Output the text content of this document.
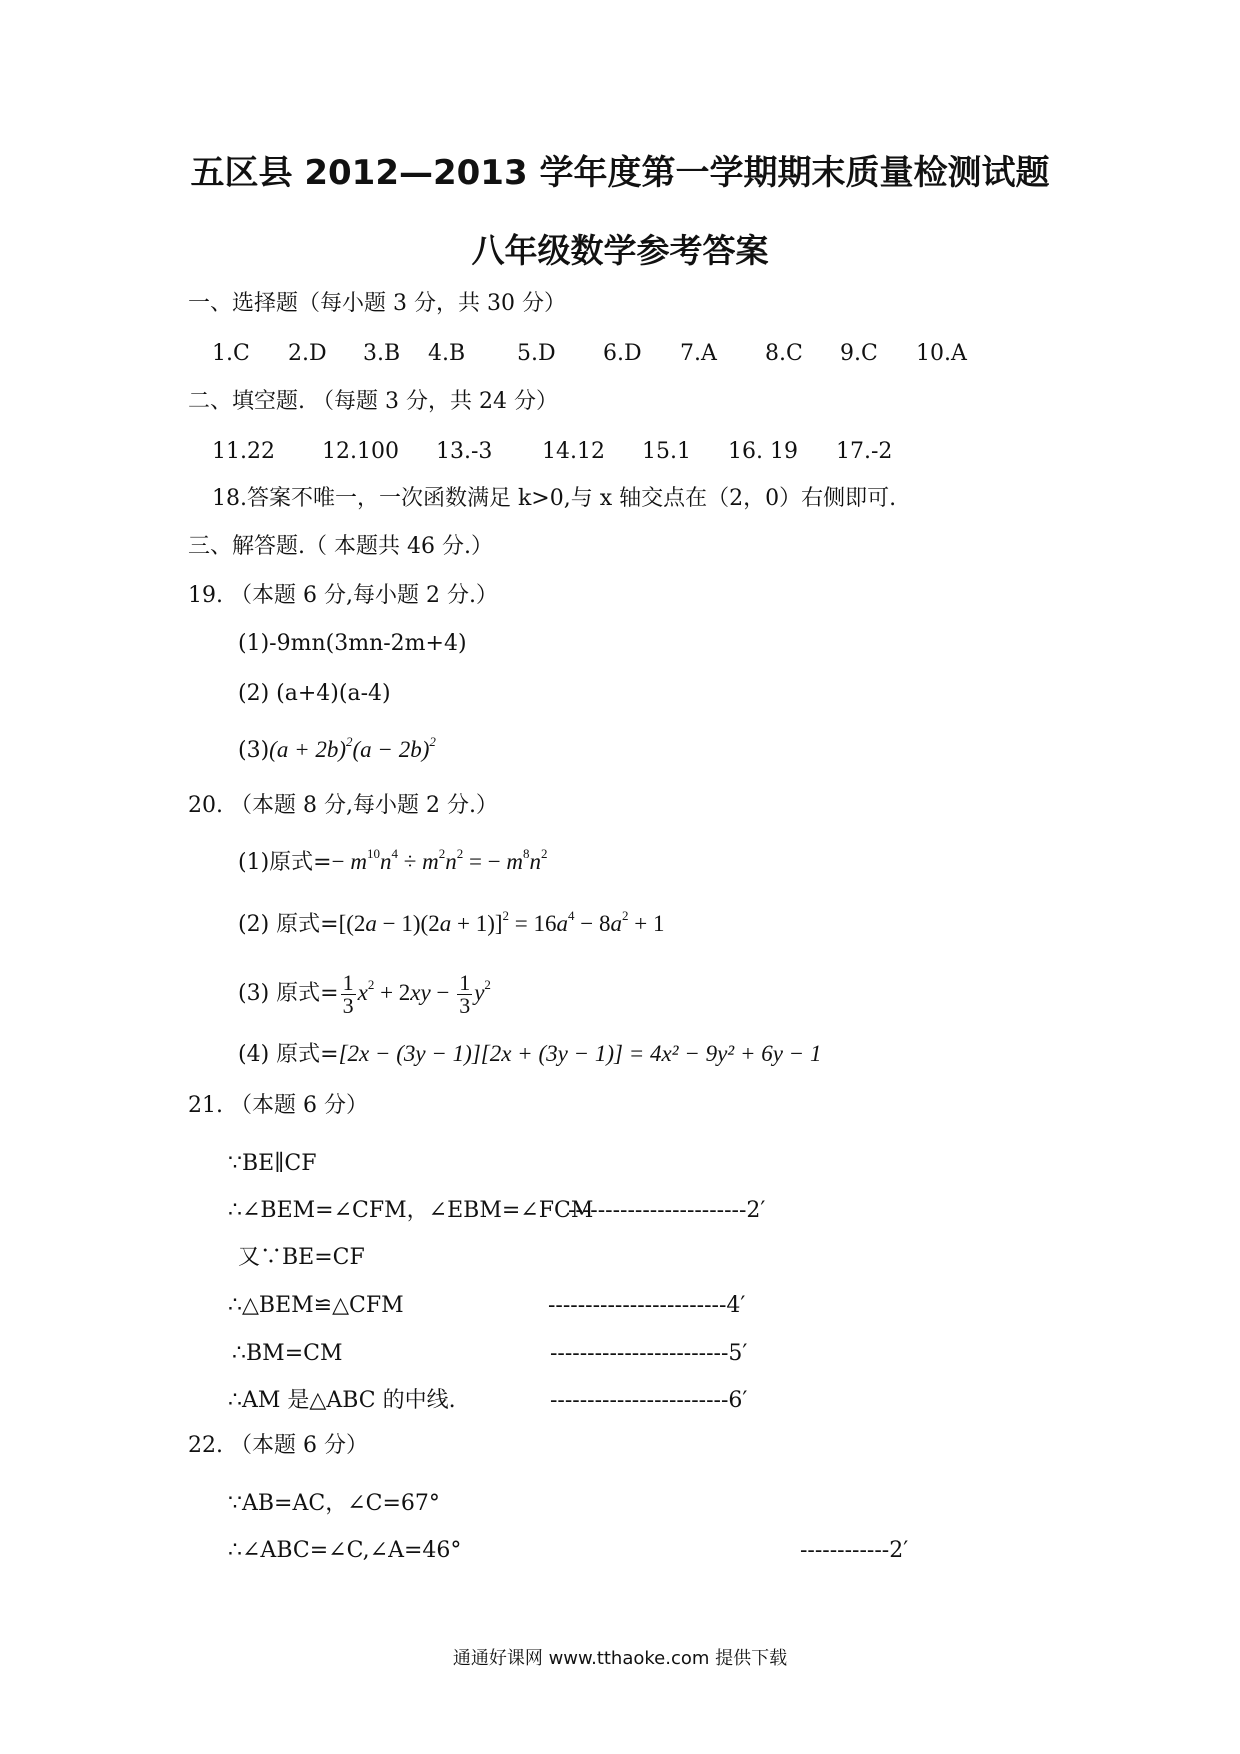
五区县 2012—2013 学年度第一学期期末质量检测试题
八年级数学参考答案
一、选择题（每小题 3 分，共 30 分）
1.C 2.D 3.B 4.B 5.D 6.D 7.A 8.C 9.C 10.A
二、填空题. （每题 3 分，共 24 分）
11.22 12.100 13.-3 14.12 15.1 16. 19 17.-2
18.答案不唯一，一次函数满足 k>0,与 x 轴交点在（2，0）右侧即可.
三、解答题.（ 本题共 46 分.）
19. （本题 6 分,每小题 2 分.）
(1)-9mn(3mn-2m+4)
(2) (a+4)(a-4)
$(3)(a + 2b)^2(a - 2b)^2$
20. （本题 8 分,每小题 2 分.）
(1)原式=− $m^{10}n^4 \div m^2n^2$ = − $m^8n^2$
(2) 原式$=[(2a - 1)(2a + 1)]^2 = 16a^4 - 8a^2 + 1$
(3) 原式= $\frac{1}{3} x^2 + 2xy - \frac{1}{3} y^2$
(4) 原式=[2x − (3y − 1)][2x + (3y − 1)] = 4x² − 9y² + 6y − 1
21. （本题 6 分）
∵BE∥CF
∴∠BEM=∠CFM，∠EBM=∠FCM
------------------------2′
又∵BE=CF
∴△BEM≌△CFM	------------------------4′
∴BM=CM	------------------------5′
∴AM 是△ABC 的中线.	------------------------6′
22. （本题 6 分）
∵AB=AC，∠C=67°
∴∠ABC=∠C,∠A=46°	------------2′
通通好课网 www.tthaoke.com 提供下载
